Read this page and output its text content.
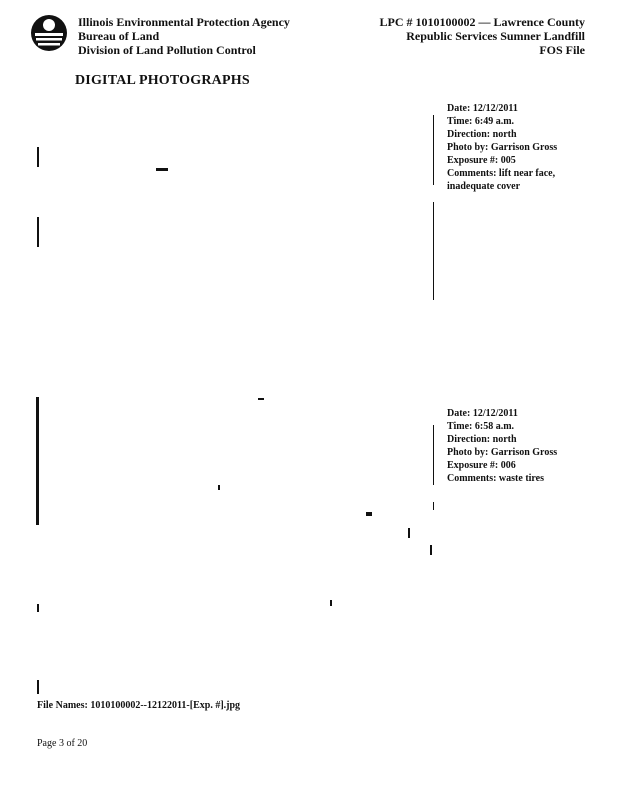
Illinois Environmental Protection Agency
Bureau of Land
Division of Land Pollution Control
LPC # 1010100002 — Lawrence County
Republic Services Sumner Landfill
FOS File
DIGITAL PHOTOGRAPHS
Date: 12/12/2011
Time: 6:49 a.m.
Direction: north
Photo by: Garrison Gross
Exposure #: 005
Comments: lift near face,
inadequate cover
Date: 12/12/2011
Time: 6:58 a.m.
Direction: north
Photo by: Garrison Gross
Exposure #: 006
Comments: waste tires
File Names: 1010100002--12122011-[Exp. #].jpg
Page 3 of 20
